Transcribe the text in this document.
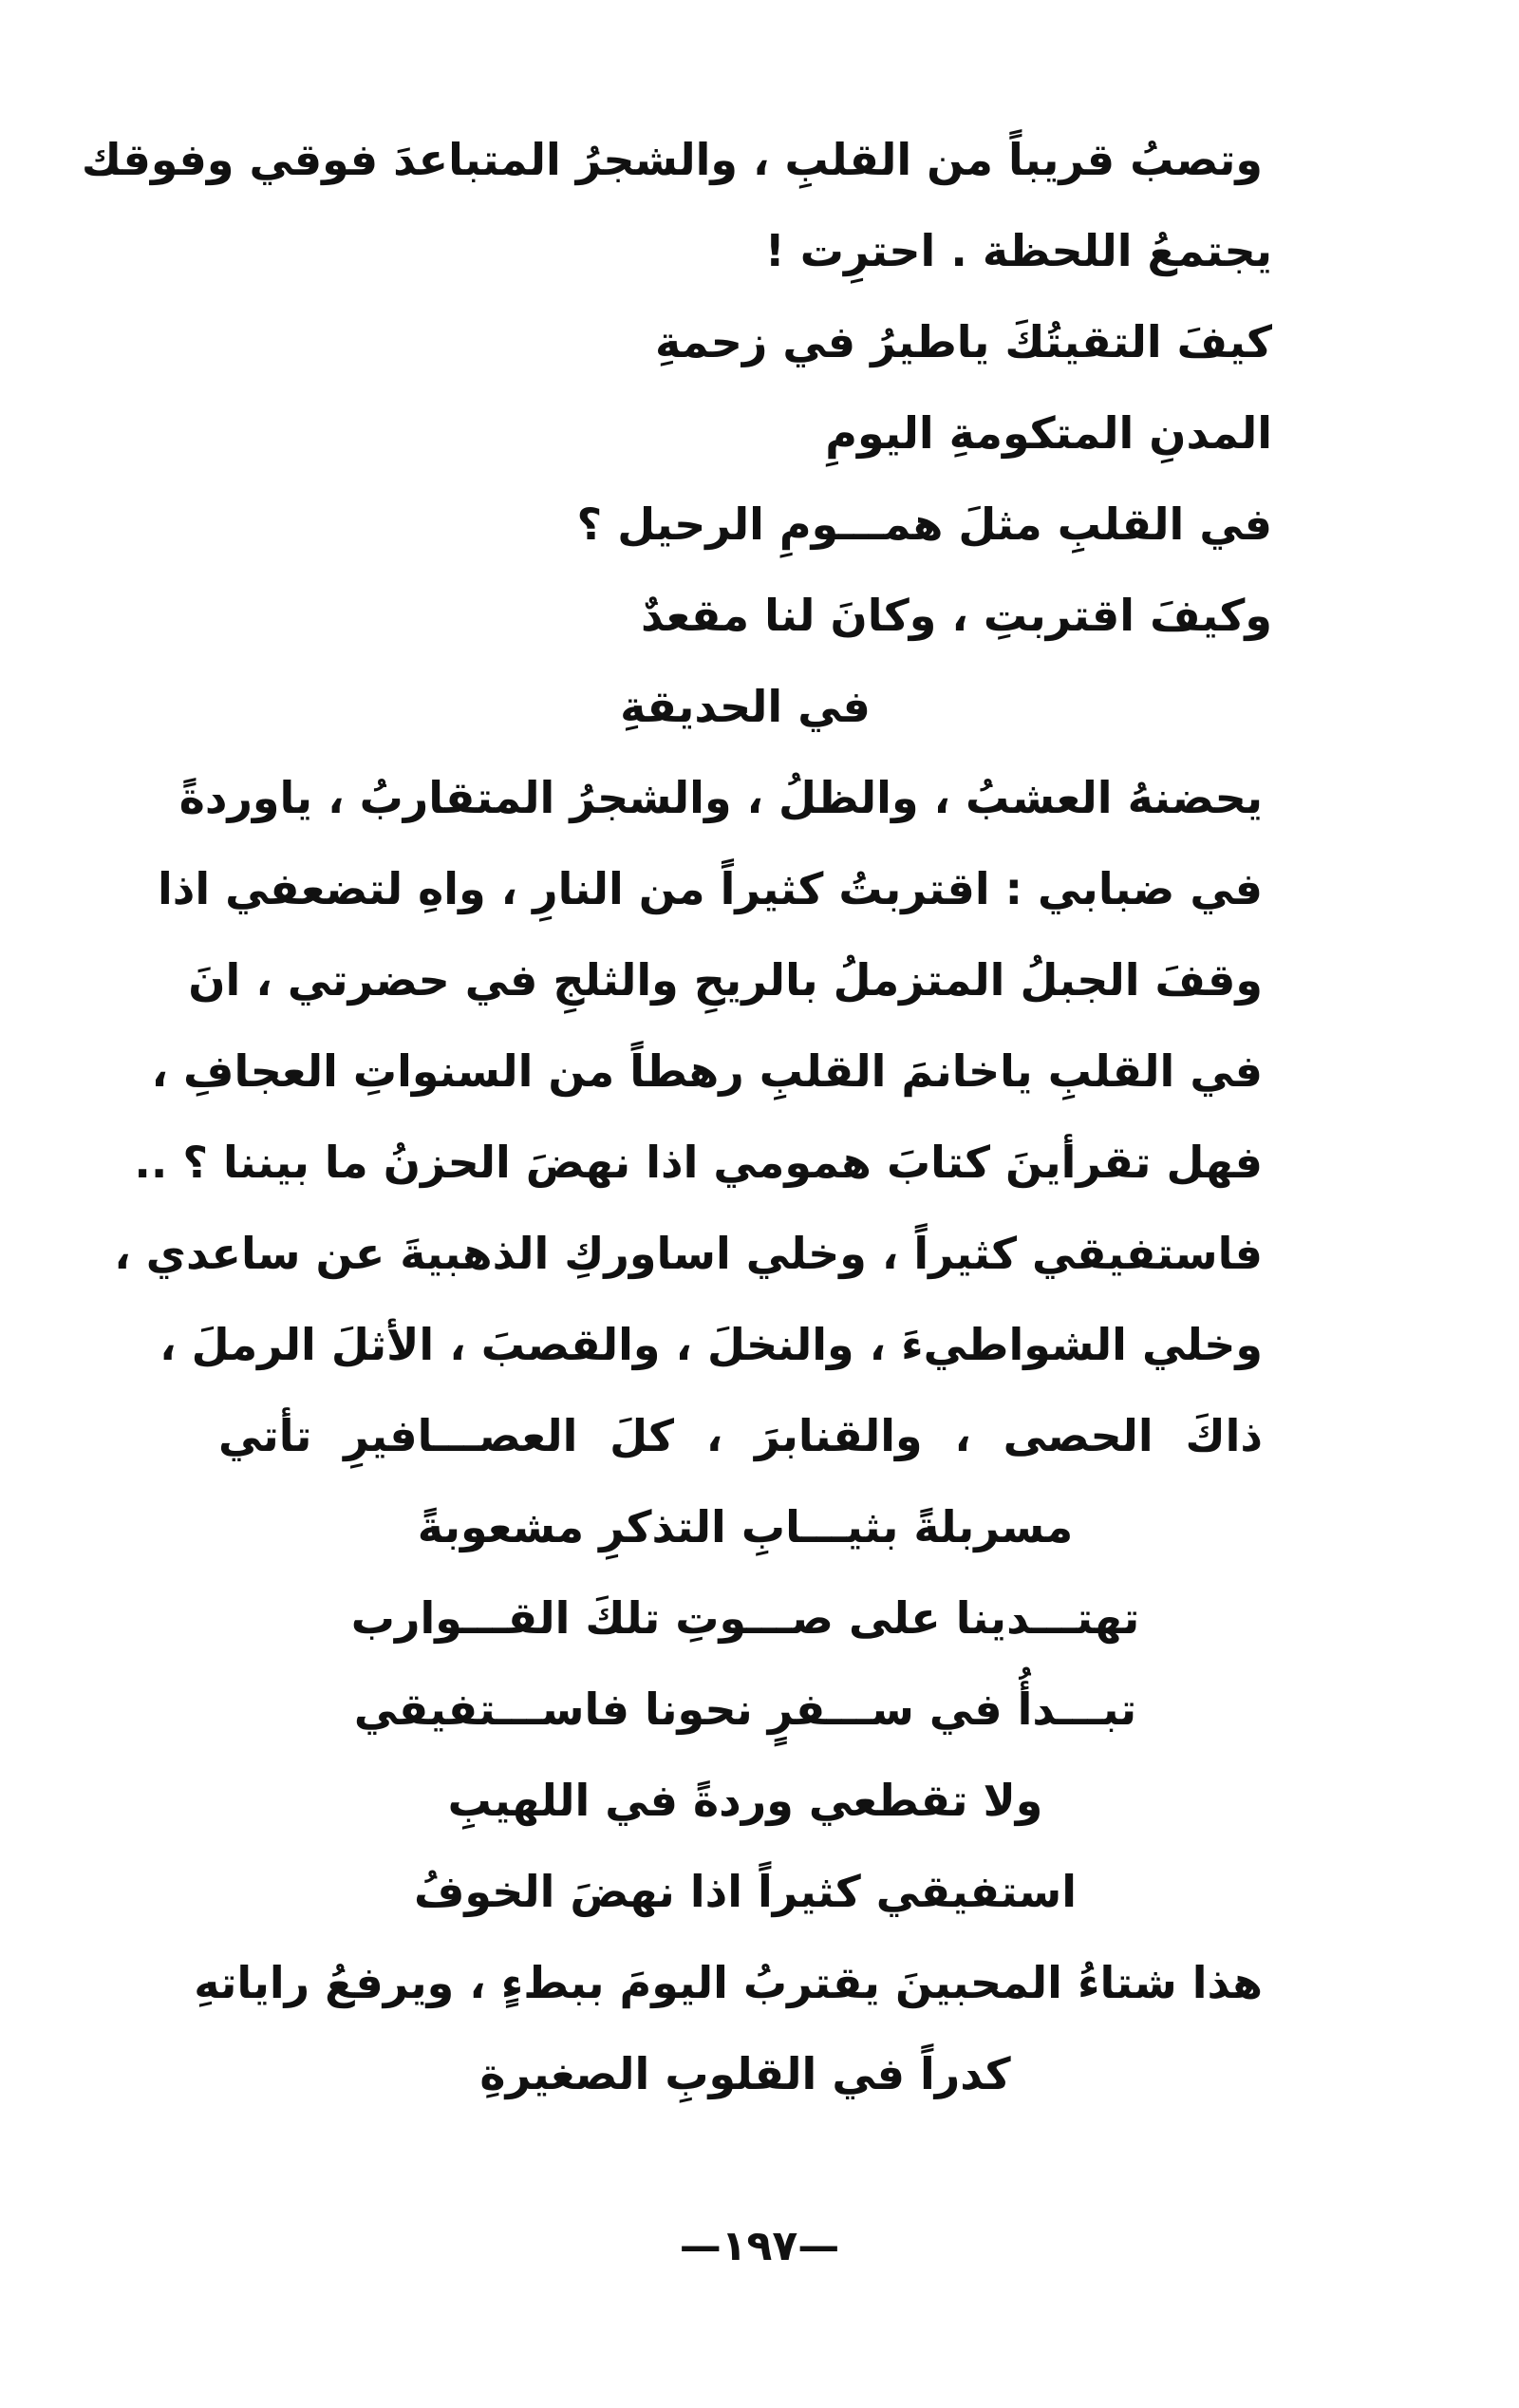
وتصبُ قريباً من القلبِ ، والشجرُ المتباعدَ فوقي وفوقك
يجتمعُ اللحظة . احترِت !
كيفَ التقيتُكَ ياطيرُ في زحمةِ
المدنِ المتكومةِ اليومِ
في القلبِ مثلَ همـــومِ الرحيل ؟
وكيفَ اقتربتِ ، وكانَ لنا مقعدٌ
في الحديقةِ
يحضنهُ العشبُ ، والظلُ ، والشجرُ المتقاربُ ، ياوردةً
في ضبابي : اقتربتُ كثيراً من النارِ ، واهِ لتضعفي اذا
وقفَ الجبلُ المتزملُ بالريحِ والثلجِ في حضرتي ، انَ
في القلبِ ياخانمَ القلبِ رهطاً من السنواتِ العجافِ ،
فهل تقرأينَ كتابَ همومي اذا نهضَ الحزنُ ما بيننا ؟ ..
فاستفيقي كثيراً ، وخلي اساوركِ الذهبيةَ عن ساعدي ،
وخلي الشواطيءَ ، والنخلَ ، والقصبَ ، الأثلَ الرملَ ،
ذاكَ الحصى ، والقنابرَ ، كلَ العصـــافيرِ تأتي
مسربلةً بثيـــابِ التذكرِ مشعوبةً
تهتـــدينا على صـــوتِ تلكَ القـــوارب
تبـــدأُ في ســـفرٍ نحونا فاســـتفيقي
ولا تقطعي وردةً في اللهيبِ
استفيقي كثيراً اذا نهضَ الخوفُ
هذا شتاءُ المحبينَ يقتربُ اليومَ ببطءٍ ، ويرفعُ راياتهِ
كدراً في القلوبِ الصغيرةِ
—١٩٧—
